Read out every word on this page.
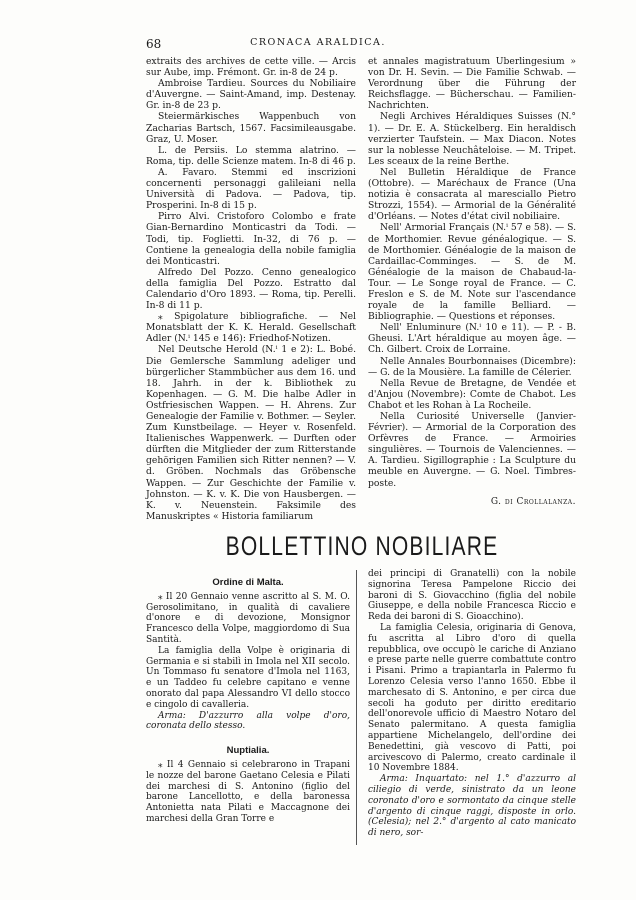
68	CRONACA ARALDICA.

extraits des archives de cette ville. — Arcis sur Aube, imp. Frémont. Gr. in-8 de 24 p.

Ambroise Tardieu. Sources du Nobiliaire d'Auvergne. — Saint-Amand, imp. Destenay. Gr. in-8 de 23 p.

Steiermärkisches Wappenbuch von Zacharias Bartsch, 1567. Facsimileausgabe. Graz, U. Moser.

L. de Persiis. Lo stemma alatrino. — Roma, tip. delle Scienze matem. In-8 di 46 p.

A. Favaro. Stemmi ed inscrizioni concernenti personaggi galileiani nella Università di Padova. — Padova, tip. Prosperini. In-8 di 15 p.

Pirro Alvi. Cristoforo Colombo e frate Gian-Bernardino Monticastri da Todi. — Todi, tip. Foglietti. In-32, di 76 p. — Contiene la genealogia della nobile famiglia dei Monticastri.

Alfredo Del Pozzo. Cenno genealogico della famiglia Del Pozzo. Estratto dal Calendario d'Oro 1893. — Roma, tip. Perelli. In-8 di 11 p.

⁎ Spigolature bibliografiche. — Nel Monatsblatt der K. K. Herald. Gesellschaft Adler (N.ⁱ 145 e 146): Friedhof-Notizen.

Nel Deutsche Herold (N.ⁱ 1 e 2): L. Bobé. Die Gemlersche Sammlung adeliger und bürgerlicher Stammbücher aus dem 16. und 18. Jahrh. in der k. Bibliothek zu Kopenhagen. — G. M. Die halbe Adler in Ostfriesischen Wappen. — H. Ahrens. Zur Genealogie der Familie v. Bothmer. — Seyler. Zum Kunstbeilage. — Heyer v. Rosenfeld. Italienisches Wappenwerk. — Durften oder dürften die Mitglieder der zum Ritterstande gehörigen Familien sich Ritter nennen? — V. d. Gröben. Nochmals das Gröbensche Wappen. — Zur Geschichte der Familie v. Johnston. — K. v. K. Die von Hausbergen. — K. v. Neuenstein. Faksimile des Manuskriptes « Historia familiarum

et annales magistratuum Uberlingesium » von Dr. H. Sevin. — Die Familie Schwab. — Verordnung über die Führung der Reichsflagge. — Bücherschau. — Familien-Nachrichten.

Negli Archives Héraldiques Suisses (N.° 1). — Dr. E. A. Stückelberg. Ein heraldisch verzierter Taufstein. — Max Diacon. Notes sur la noblesse Neuchâteloise. — M. Tripet. Les sceaux de la reine Berthe.

Nel Bulletin Héraldique de France (Ottobre). — Maréchaux de France (Una notizia è consacrata al maresciallo Pietro Strozzi, 1554). — Armorial de la Généralité d'Orléans. — Notes d'état civil nobiliaire.

Nell' Armorial Français (N.ⁱ 57 e 58). — S. de Morthomier. Revue généalogique. — S. de Morthomier. Généalogie de la maison de Cardaillac-Comminges. — S. de M. Généalogie de la maison de Chabaud-la-Tour. — Le Songe royal de France. — C. Freslon e S. de M. Note sur l'ascendance royale de la famille Belliard. — Bibliographie. — Questions et réponses.

Nell' Enluminure (N.ⁱ 10 e 11). — P. - B. Gheusi. L'Art héraldique au moyen âge. — Ch. Gilbert. Croix de Lorraine.

Nelle Annales Bourbonnaises (Dicembre): — G. de la Mousière. La famille de Célerier.

Nella Revue de Bretagne, de Vendée et d'Anjou (Novembre): Comte de Chabot. Les Chabot et les Rohan à La Rocheile.

Nella Curiosité Universelle (Janvier-Février). — Armorial de la Corporation des Orfèvres de France. — Armoiries singulières. — Tournois de Valenciennes. — A. Tardieu. Sigillographie : La Sculpture du meuble en Auvergne. — G. Noel. Timbres-poste.

G. di Crollalanza.
BOLLETTINO NOBILIARE
Ordine di Malta.

⁎ Il 20 Gennaio venne ascritto al S. M. O. Gerosolimitano, in qualità di cavaliere d'onore e di devozione, Monsignor Francesco della Volpe, maggiordomo di Sua Santità.

La famiglia della Volpe è originaria di Germania e si stabilì in Imola nel XII secolo. Un Tommaso fu senatore d'Imola nel 1163, e un Taddeo fu celebre capitano e venne onorato dal papa Alessandro VI dello stocco e cingolo di cavalleria.

Arma: D'azzurro alla volpe d'oro, coronata dello stesso.

Nuptialia.

⁎ Il 4 Gennaio si celebrarono in Trapani le nozze del barone Gaetano Celesia e Pilati dei marchesi di S. Antonino (figlio del barone Lancellotto, e della baronessa Antonietta nata Pilati e Maccagnone dei marchesi della Gran Torre e

dei principi di Granatelli) con la nobile signorina Teresa Pampelone Riccio dei baroni di S. Giovacchino (figlia del nobile Giuseppe, e della nobile Francesca Riccio e Reda dei baroni di S. Gioacchino).

La famiglia Celesia, originaria di Genova, fu ascritta al Libro d'oro di quella repubblica, ove occupò le cariche di Anziano e prese parte nelle guerre combattute contro i Pisani. Primo a trapiantarla in Palermo fu Lorenzo Celesia verso l'anno 1650. Ebbe il marchesato di S. Antonino, e per circa due secoli ha goduto per diritto ereditario dell'onorevole ufficio di Maestro Notaro del Senato palermitano. A questa famiglia appartiene Michelangelo, dell'ordine dei Benedettini, già vescovo di Patti, poi arcivescovo di Palermo, creato cardinale il 10 Novembre 1884.

Arma: Inquartato: nel 1.° d'azzurro al ciliegio di verde, sinistrato da un leone coronato d'oro e sormontato da cinque stelle d'argento di cinque raggi, disposte in orlo. (Celesia); nel 2.° d'argento al cato manicato di nero, sor-
